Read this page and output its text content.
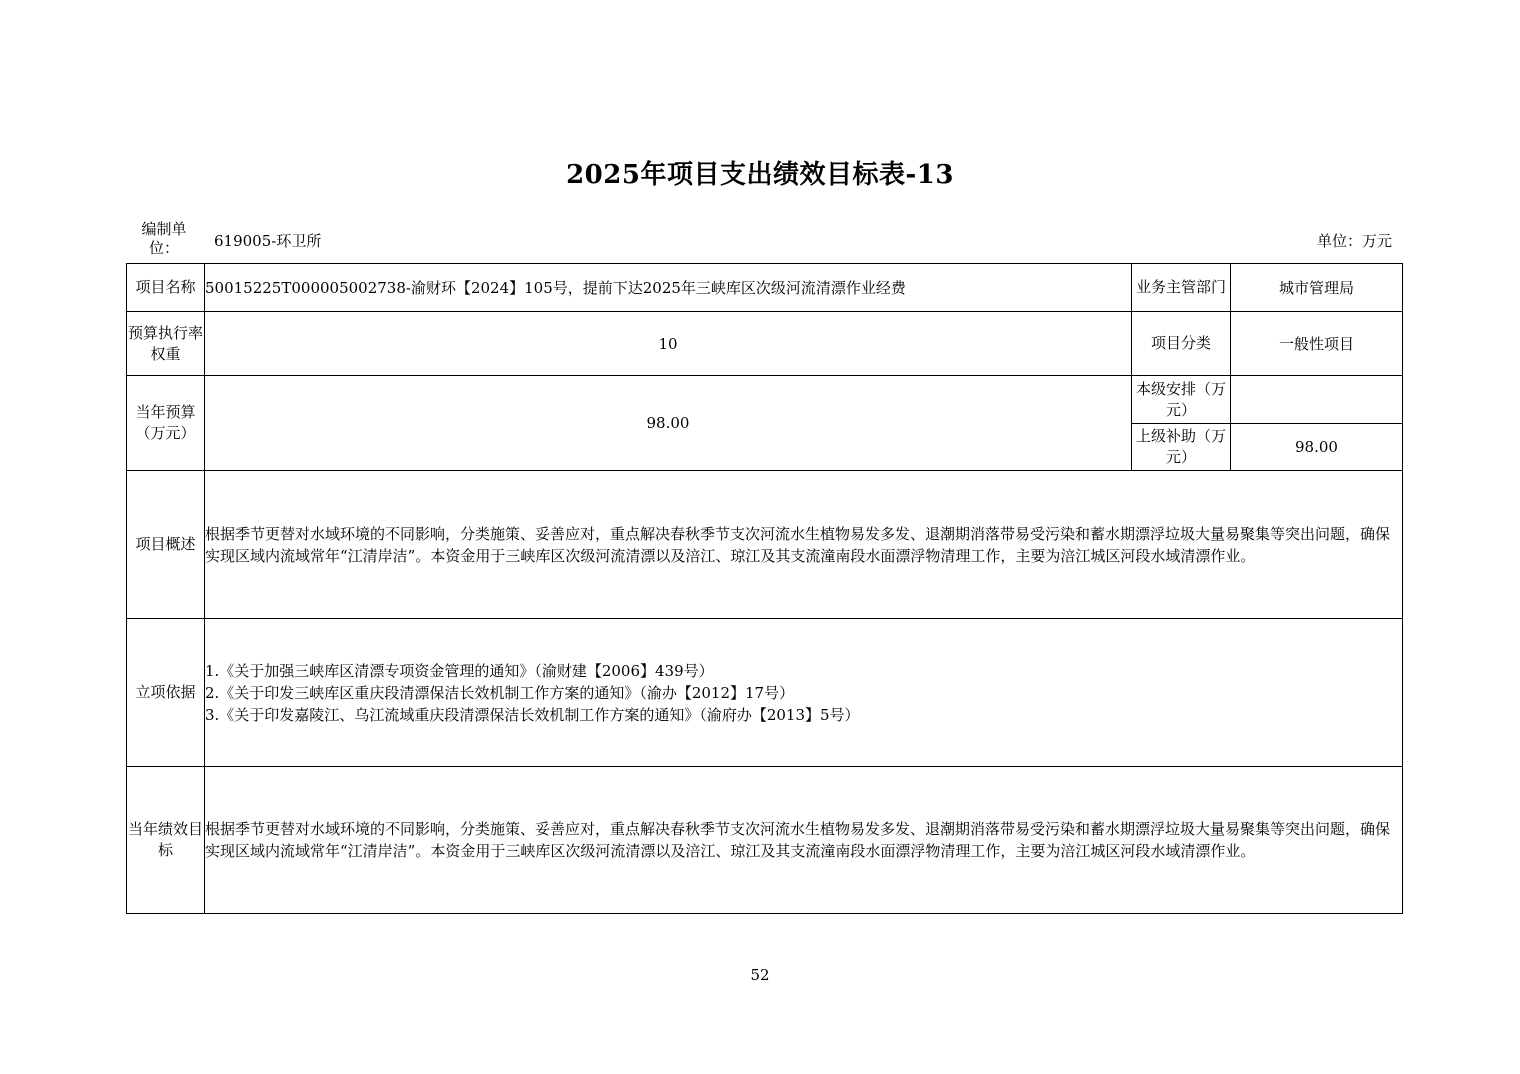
2025年项目支出绩效目标表-13
编制单位：	619005-环卫所	单位：万元
项目名称	50015225T000005002738-渝财环【2024】105号，提前下达2025年三峡库区次级河流清漂作业经费	业务主管部门	城市管理局
预算执行率权重	10	项目分类	一般性项目
当年预算（万元）	98.00	本级安排（万元）	
		上级补助（万元）	98.00
项目概述	根据季节更替对水域环境的不同影响，分类施策、妥善应对，重点解决春秋季节支次河流水生植物易发多发、退潮期消落带易受污染和蓄水期漂浮垃圾大量易聚集等突出问题，确保实现区域内流域常年“江清岸洁”。本资金用于三峡库区次级河流清漂以及涪江、琼江及其支流潼南段水面漂浮物清理工作，主要为涪江城区河段水域清漂作业。		
立项依据	1.《关于加强三峡库区清漂专项资金管理的通知》（渝财建【2006】439号）
2.《关于印发三峡库区重庆段清漂保洁长效机制工作方案的通知》（渝办【2012】17号）
3.《关于印发嘉陵江、乌江流域重庆段清漂保洁长效机制工作方案的通知》（渝府办【2013】5号）		

当年绩效目标	根据季节更替对水域环境的不同影响，分类施策、妥善应对，重点解决春秋季节支次河流水生植物易发多发、退潮期消落带易受污染和蓄水期漂浮垃圾大量易聚集等突出问题，确保实现区域内流域常年“江清岸洁”。本资金用于三峡库区次级河流清漂以及涪江、琼江及其支流潼南段水面漂浮物清理工作，主要为涪江城区河段水域清漂作业。		
52
